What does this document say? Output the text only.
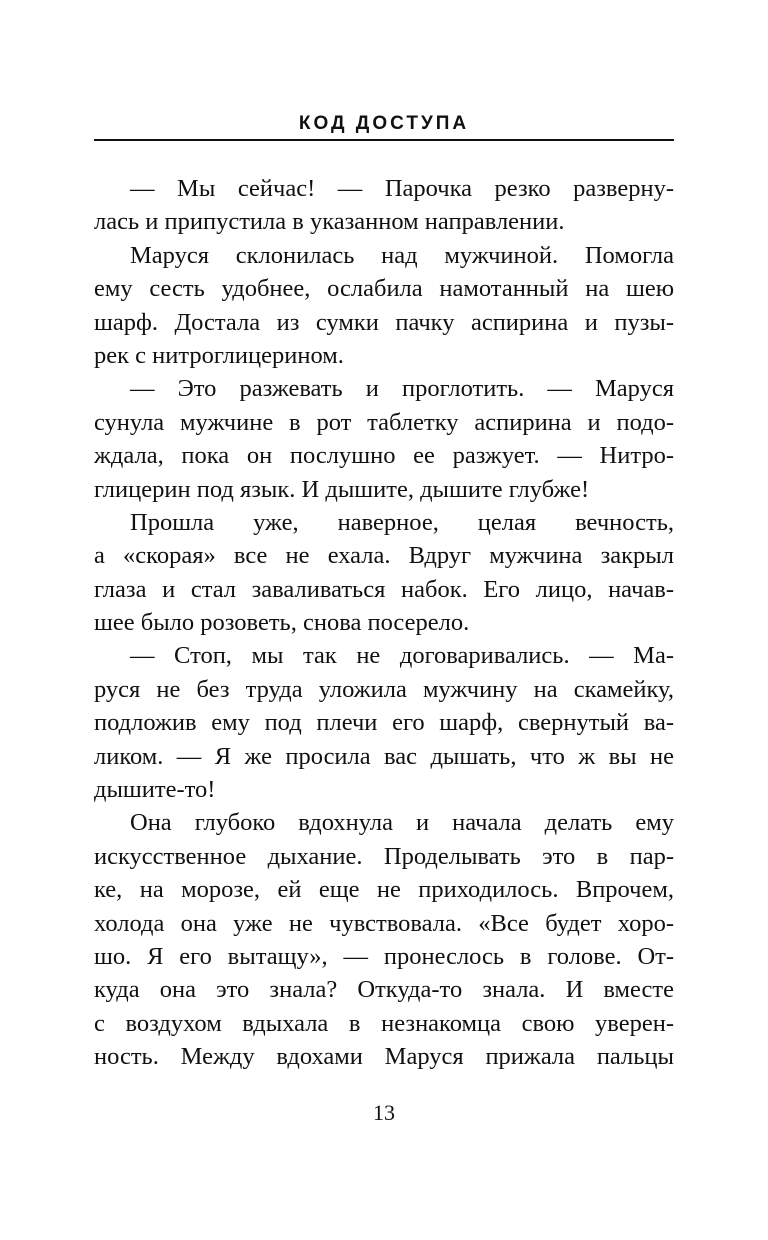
КОД ДОСТУПА
— Мы сейчас! — Парочка резко разверну-
лась и припустила в указанном направлении.
Маруся склонилась над мужчиной. Помогла
ему сесть удобнее, ослабила намотанный на шею
шарф. Достала из сумки пачку аспирина и пузы-
рек с нитроглицерином.
— Это разжевать и проглотить. — Маруся
сунула мужчине в рот таблетку аспирина и подо-
ждала, пока он послушно ее разжует. — Нитро-
глицерин под язык. И дышите, дышите глубже!
Прошла уже, наверное, целая вечность,
а «скорая» все не ехала. Вдруг мужчина закрыл
глаза и стал заваливаться набок. Его лицо, начав-
шее было розоветь, снова посерело.
— Стоп, мы так не договаривались. — Ма-
руся не без труда уложила мужчину на скамейку,
подложив ему под плечи его шарф, свернутый ва-
ликом. — Я же просила вас дышать, что ж вы не
дышите-то!
Она глубоко вдохнула и начала делать ему
искусственное дыхание. Проделывать это в пар-
ке, на морозе, ей еще не приходилось. Впрочем,
холода она уже не чувствовала. «Все будет хоро-
шо. Я его вытащу», — пронеслось в голове. От-
куда она это знала? Откуда-то знала. И вместе
с воздухом вдыхала в незнакомца свою уверен-
ность. Между вдохами Маруся прижала пальцы
13
